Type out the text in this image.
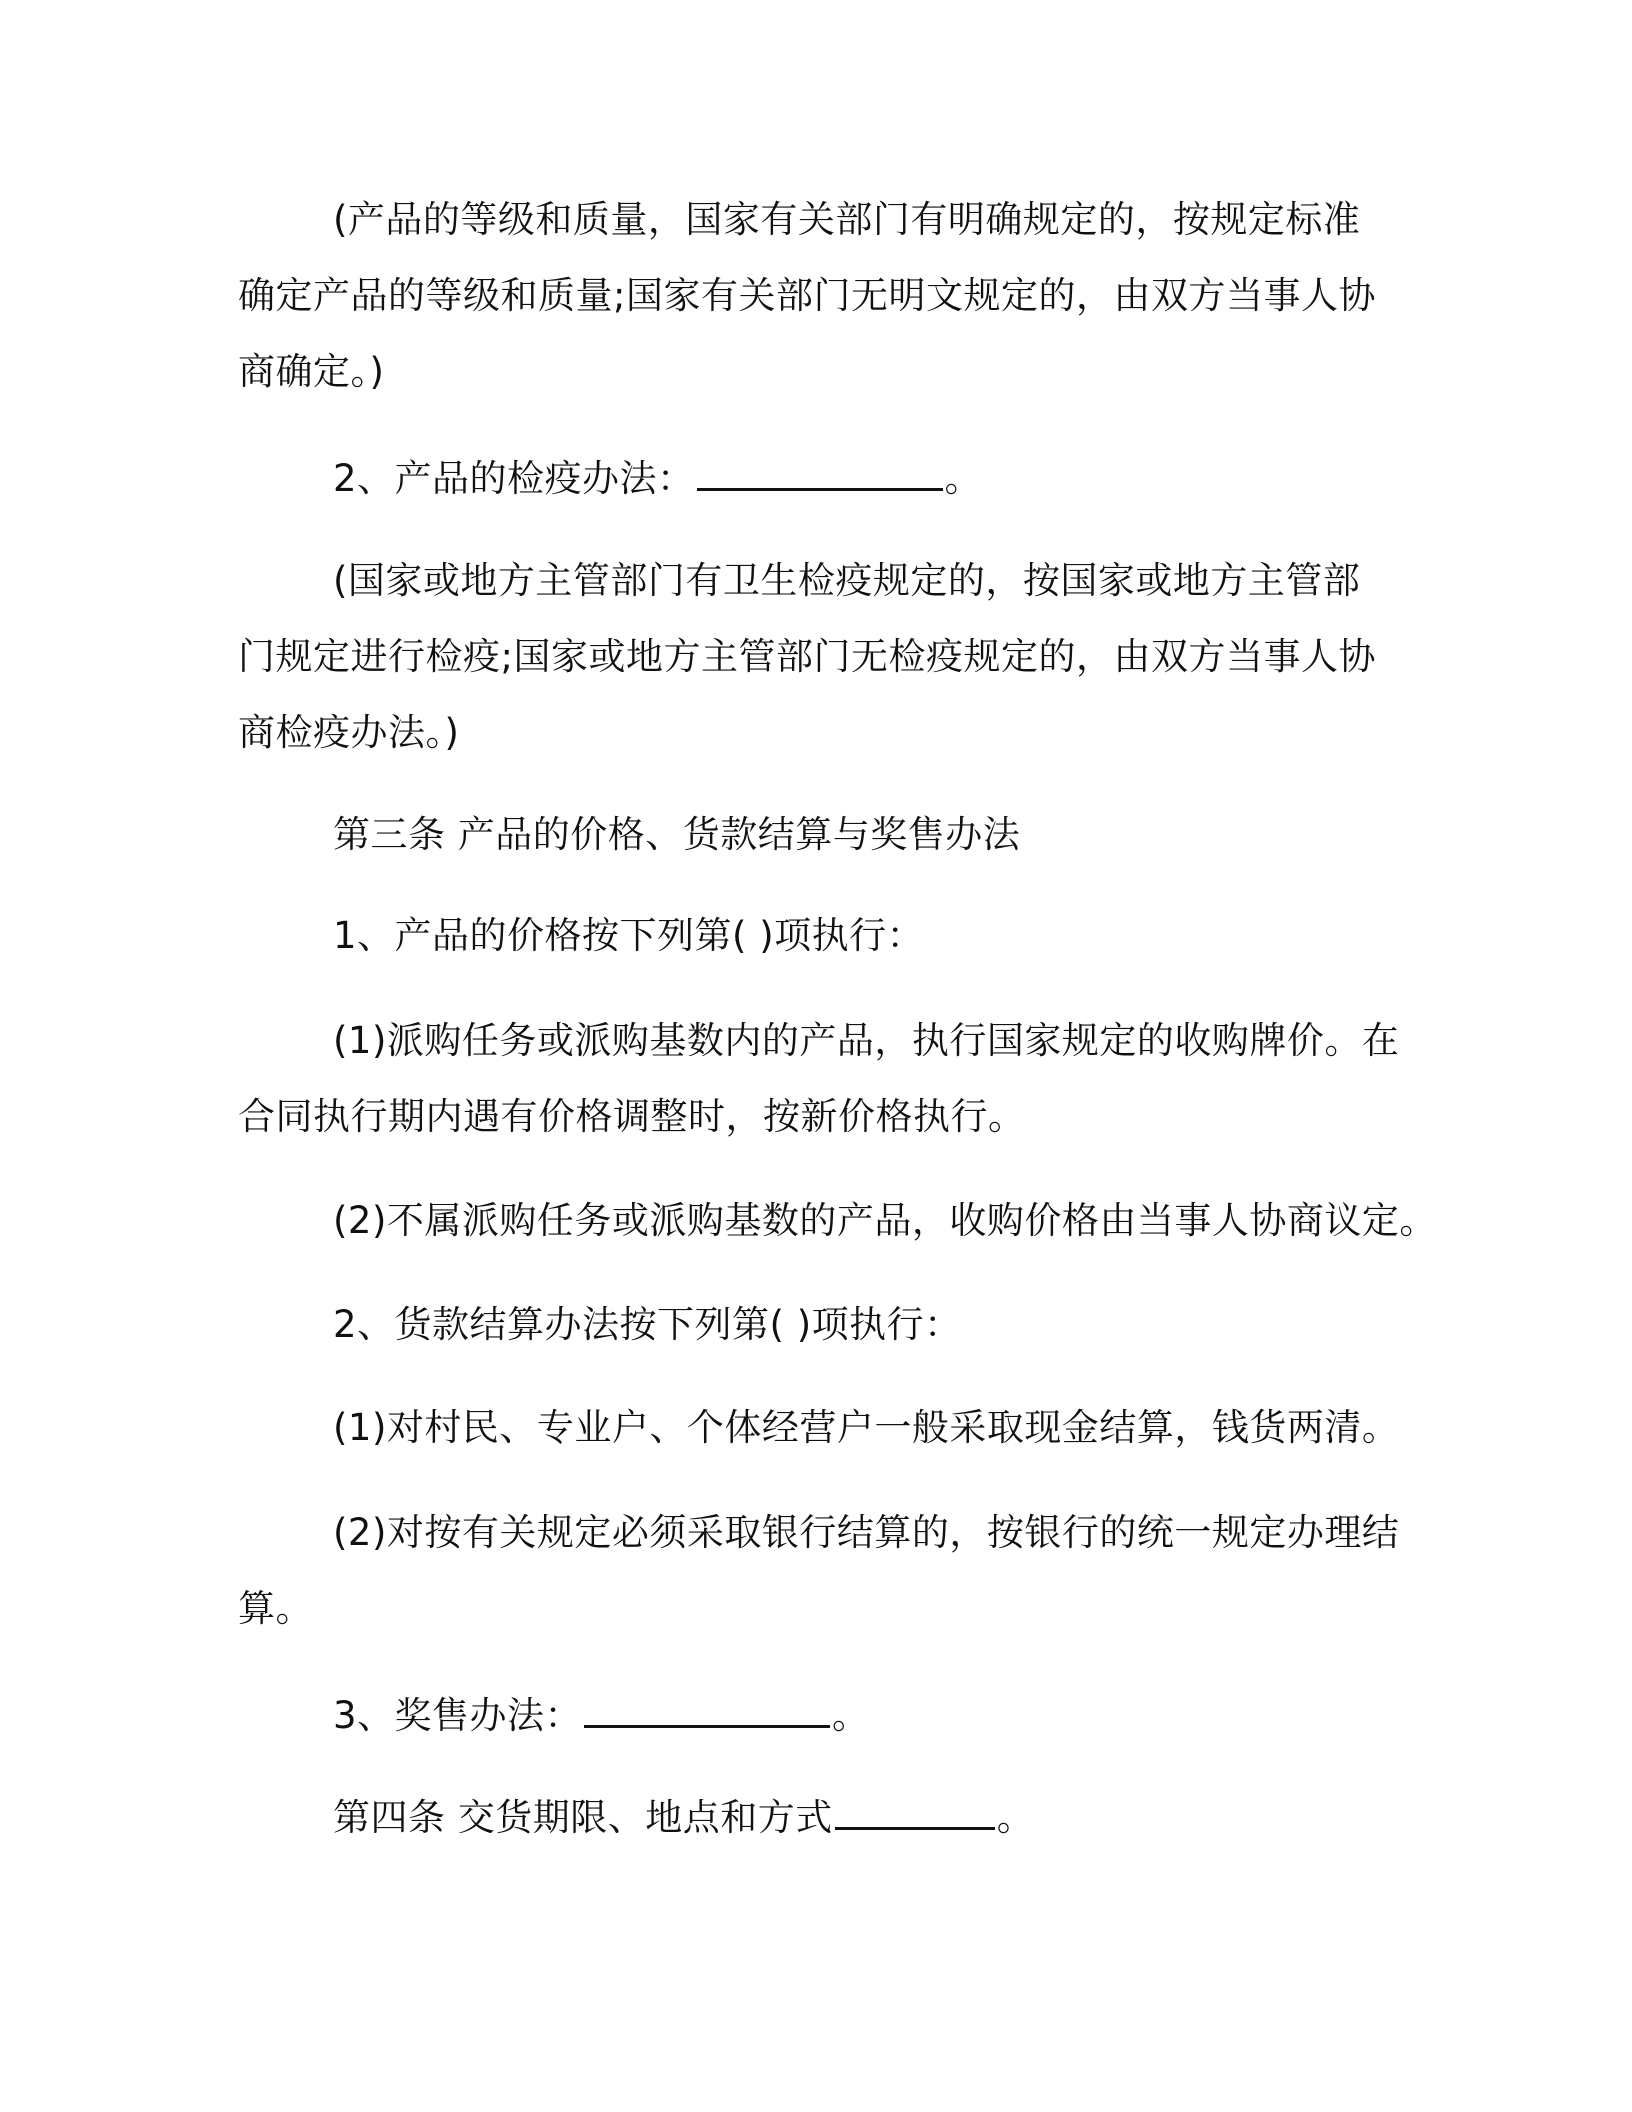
(产品的等级和质量，国家有关部门有明确规定的，按规定标准
确定产品的等级和质量;国家有关部门无明文规定的，由双方当事人协
商确定。)
2、产品的检疫办法：	。
(国家或地方主管部门有卫生检疫规定的，按国家或地方主管部
门规定进行检疫;国家或地方主管部门无检疫规定的，由双方当事人协
商检疫办法。)
第三条 产品的价格、货款结算与奖售办法
1、产品的价格按下列第( )项执行：
(1)派购任务或派购基数内的产品，执行国家规定的收购牌价。在
合同执行期内遇有价格调整时，按新价格执行。
(2)不属派购任务或派购基数的产品，收购价格由当事人协商议定。
2、货款结算办法按下列第( )项执行：
(1)对村民、专业户、个体经营户一般采取现金结算，钱货两清。
(2)对按有关规定必须采取银行结算的，按银行的统一规定办理结
算。
3、奖售办法：	。
第四条 交货期限、地点和方式	。
